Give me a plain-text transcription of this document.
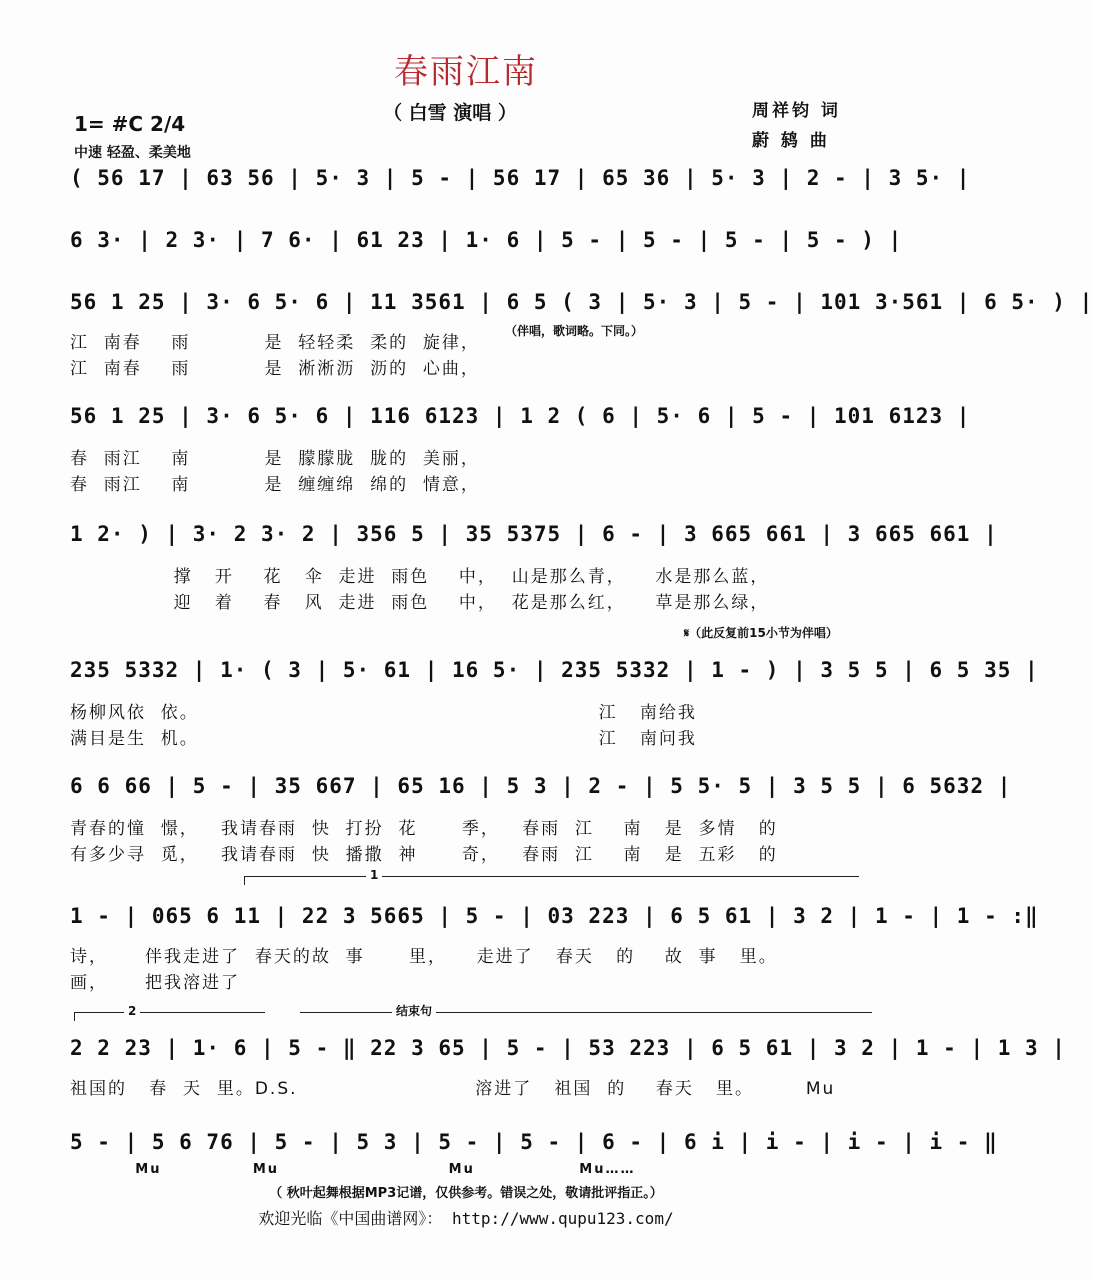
春雨江南
（ 白雪 演唱 ）	周祥钧 词
蔚 鸫 曲
1= #C 2/4
中速 轻盈、柔美地
( 56 17 | 63 56 | 5· 3 | 5 - | 56 17 | 65 36 | 5· 3 | 2 - | 3 5· |
6 3· | 2 3· | 7 6· | 61 23 | 1· 6 | 5 - | 5 - | 5 - | 5 - ) |
56 1 25 | 3· 6 5· 6 | 11 3561 | 6 5 ( 3 | 5· 3 | 5 - | 101 3·561 | 6 5· ) |
江  南春    雨          是  轻轻柔  柔的  旋律，
江  南春    雨          是  淅淅沥  沥的  心曲，
（伴唱，歌词略。下同。）
56 1 25 | 3· 6 5· 6 | 116 6123 | 1 2 ( 6 | 5· 6 | 5 - | 101 6123 |
春  雨江    南          是  朦朦胧  胧的  美丽，
春  雨江    南          是  缠缠绵  绵的  情意，
1 2· ) | 3· 2 3· 2 | 356 5 | 35 5375 | 6 - | 3 665 661 | 3 665 661 |
撑   开    花   伞  走进  雨色    中，  山是那么青，    水是那么蓝，
迎   着    春   风  走进  雨色    中，  花是那么红，    草是那么绿，
𝄋（此反复前15小节为伴唱）
235 5332 | 1· ( 3 | 5· 61 | 16 5· | 235 5332 | 1 - ) | 3 5 5 | 6 5 35 |
杨柳风依  依。                                                      江   南给我
满目是生  机。                                                      江   南问我
6 6 66 | 5 - | 35 667 | 65 16 | 5 3 | 2 - | 5 5· 5 | 3 5 5 | 6 5632 |
青春的憧  憬，   我请春雨  快  打扮  花      季，   春雨  江    南   是  多情   的
有多少寻  觅，   我请春雨  快  播撒  神      奇，   春雨  江    南   是  五彩   的
1
1 - | 065 6 11 | 22 3 5665 | 5 - | 03 223 | 6 5 61 | 3 2 | 1 - | 1 - :‖
诗，     伴我走进了  春天的故  事      里，    走进了   春天   的    故  事   里。
画，     把我溶进了
2	结束句
2 2 23 | 1· 6 | 5 - ‖ 22 3 65 | 5 - | 53 223 | 6 5 61 | 3 2 | 1 - | 1 3 |
祖国的   春  天  里。D.S.                        溶进了   祖国  的    春天   里。       Mu
5 - | 5 6 76 | 5 - | 5 3 | 5 - | 5 - | 6 - | 6 i | i - | i - | i - ‖
Mu              Mu                          Mu                Mu……
（ 秋叶起舞根据MP3记谱，仅供参考。错误之处，敬请批评指正。）
欢迎光临《中国曲谱网》： http://www.qupu123.com/
